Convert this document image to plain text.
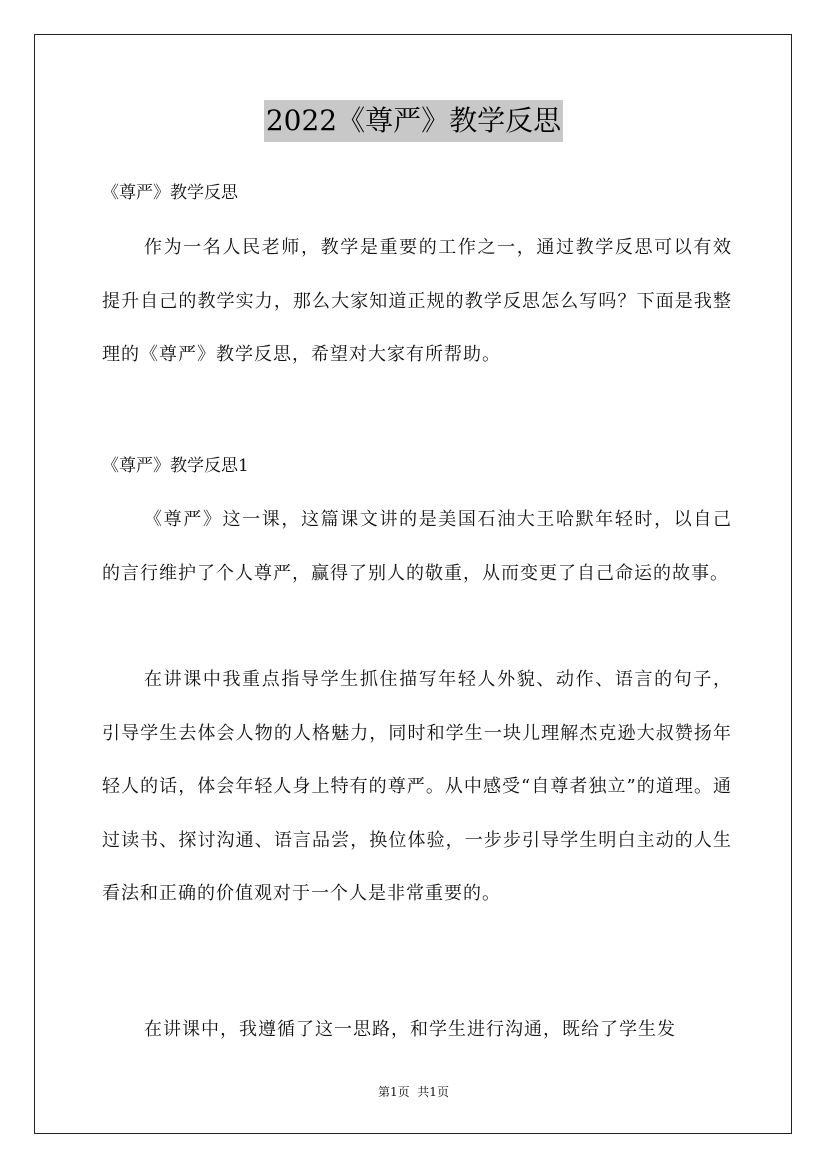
2022《尊严》教学反思
《尊严》教学反思

作为一名人民老师，教学是重要的工作之一，通过教学反思可以有效提升自己的教学实力，那么大家知道正规的教学反思怎么写吗？下面是我整理的《尊严》教学反思，希望对大家有所帮助。

《尊严》教学反思1

《尊严》这一课，这篇课文讲的是美国石油大王哈默年轻时，以自己的言行维护了个人尊严，赢得了别人的敬重，从而变更了自己命运的故事。

在讲课中我重点指导学生抓住描写年轻人外貌、动作、语言的句子，引导学生去体会人物的人格魅力，同时和学生一块儿理解杰克逊大叔赞扬年轻人的话，体会年轻人身上特有的尊严。从中感受“自尊者独立”的道理。通过读书、探讨沟通、语言品尝，换位体验，一步步引导学生明白主动的人生看法和正确的价值观对于一个人是非常重要的。

在讲课中，我遵循了这一思路，和学生进行沟通，既给了学生发

第1页  共1页
